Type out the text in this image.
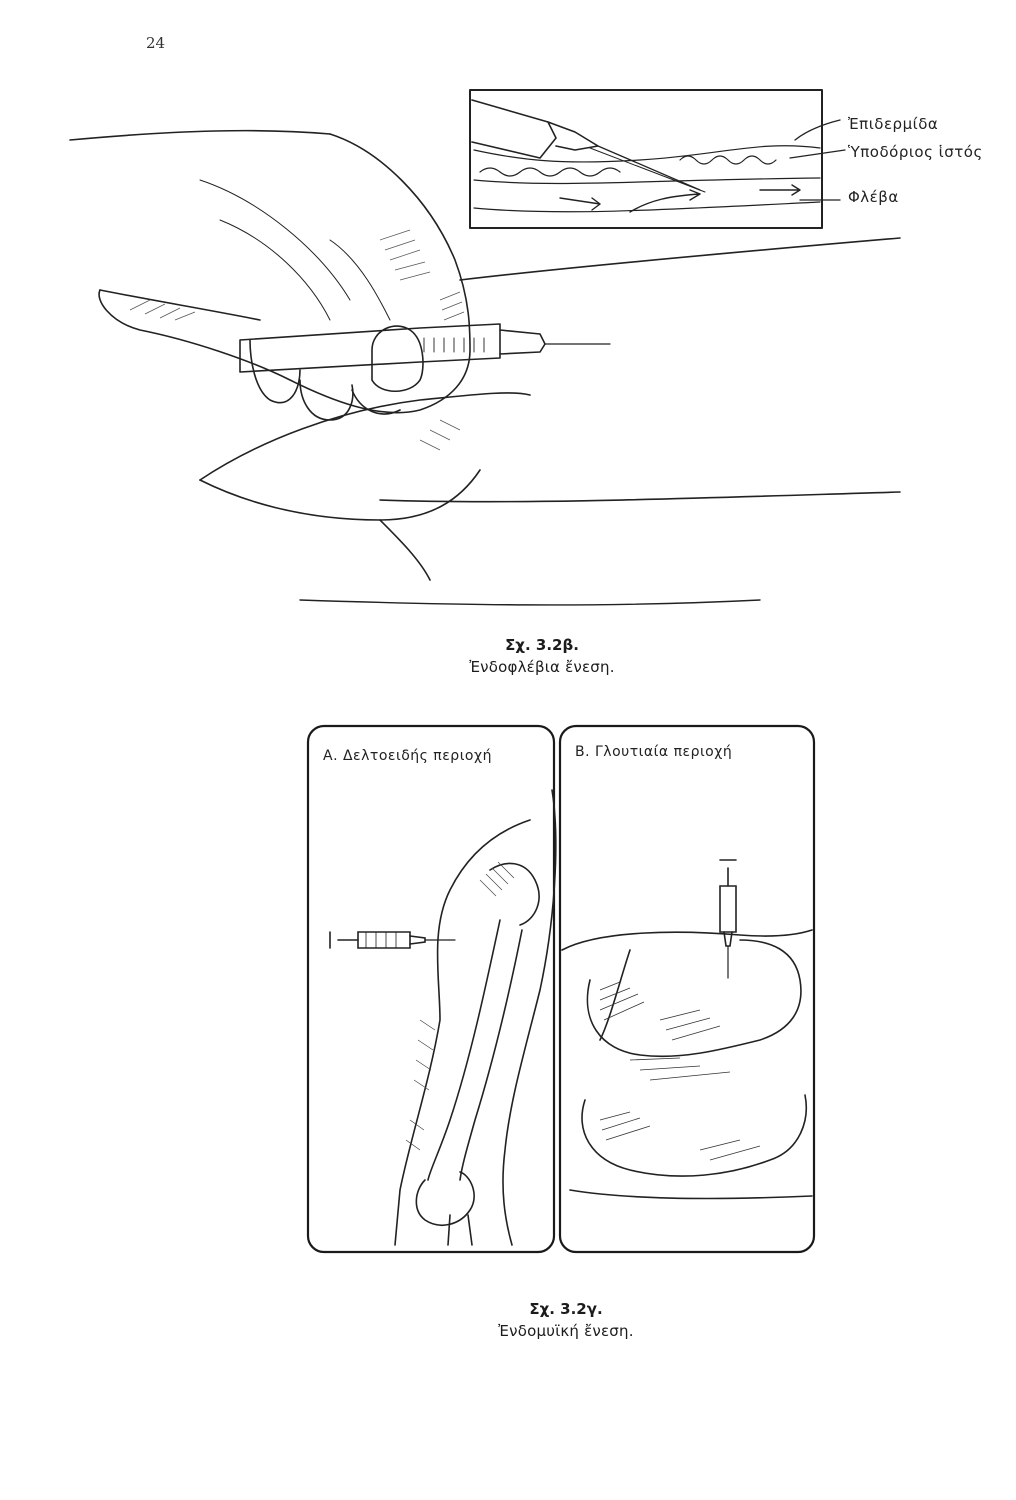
24
Ἐπιδερμίδα
Ὑποδόριος ἱστός
Φλέβα
Σχ. 3.2β.
Ἐνδοφλέβια ἔνεση.
Α. Δελτοειδής περιοχή	Β. Γλουτιαία περιοχή
Σχ. 3.2γ.
Ἐνδομυϊκή ἔνεση.
